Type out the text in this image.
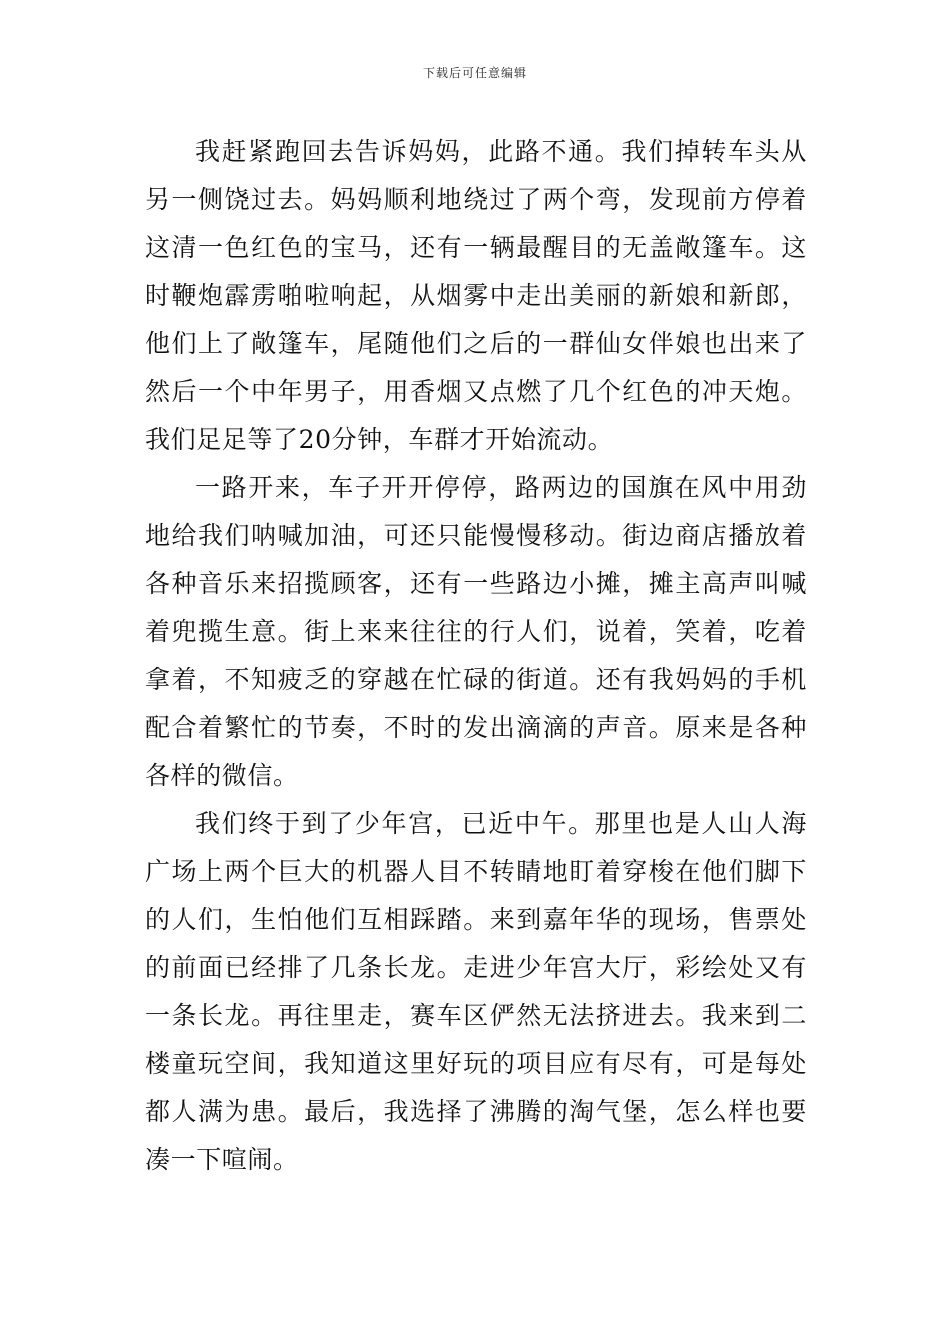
下载后可任意编辑

我赶紧跑回去告诉妈妈，此路不通。我们掉转车头从另一侧饶过去。妈妈顺利地绕过了两个弯，发现前方停着这清一色红色的宝马，还有一辆最醒目的无盖敞篷车。这时鞭炮霹雳啪啦响起，从烟雾中走出美丽的新娘和新郎，他们上了敞篷车，尾随他们之后的一群仙女伴娘也出来了然后一个中年男子，用香烟又点燃了几个红色的冲天炮。我们足足等了20分钟，车群才开始流动。

一路开来，车子开开停停，路两边的国旗在风中用劲地给我们呐喊加油，可还只能慢慢移动。街边商店播放着各种音乐来招揽顾客，还有一些路边小摊，摊主高声叫喊着兜揽生意。街上来来往往的行人们，说着，笑着，吃着拿着，不知疲乏的穿越在忙碌的街道。还有我妈妈的手机配合着繁忙的节奏，不时的发出滴滴的声音。原来是各种各样的微信。

我们终于到了少年宫，已近中午。那里也是人山人海广场上两个巨大的机器人目不转睛地盯着穿梭在他们脚下的人们，生怕他们互相踩踏。来到嘉年华的现场，售票处的前面已经排了几条长龙。走进少年宫大厅，彩绘处又有一条长龙。再往里走，赛车区俨然无法挤进去。我来到二楼童玩空间，我知道这里好玩的项目应有尽有，可是每处都人满为患。最后，我选择了沸腾的淘气堡，怎么样也要凑一下喧闹。
